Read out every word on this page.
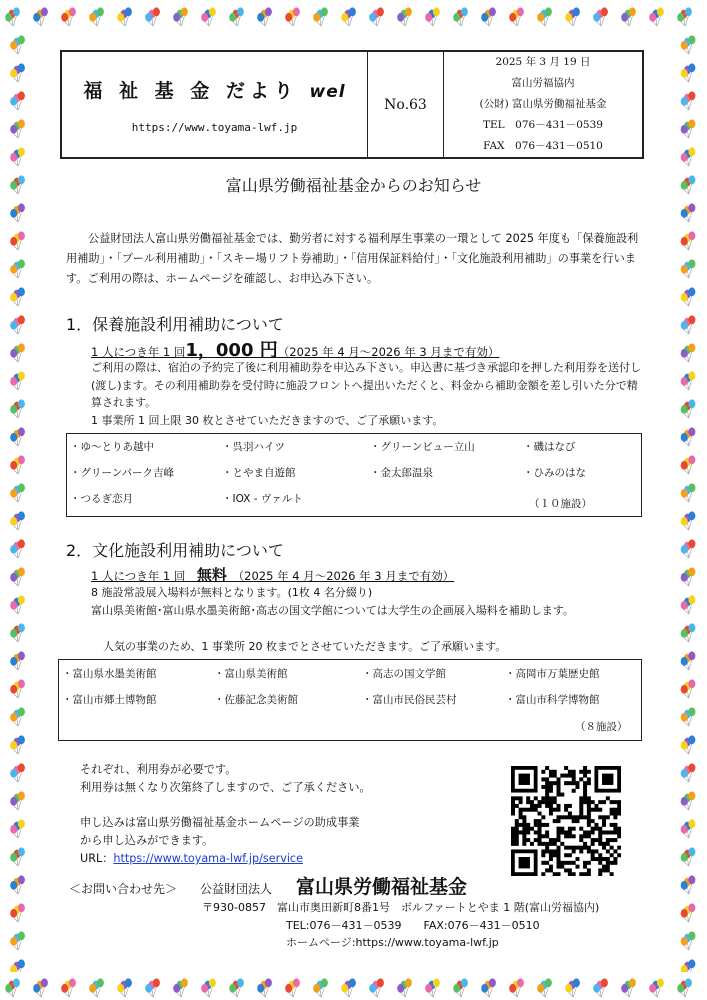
福 祉 基 金 だより wel
https://www.toyama-lwf.jp
No.63
2025 年 3 月 19 日
富山労福協内
(公財) 富山県労働福祉基金
TEL　076－431－0539
FAX　076－431－0510
富山県労働福祉基金からのお知らせ

公益財団法人富山県労働福祉基金では、勤労者に対する福利厚生事業の一環として 2025 年度も「保養施設利用補助」・「プール利用補助」・「スキー場リフト券補助」・「信用保証料給付」・「文化施設利用補助」の事業を行います。ご利用の際は、ホームページを確認し、お申込み下さい。

1．保養施設利用補助について
1 人につき年 1 回1，000 円（2025 年 4 月～2026 年 3 月まで有効）

ご利用の際は、宿泊の予約完了後に利用補助券を申込み下さい。申込書に基づき承認印を押した利用券を送付し(渡し)ます。その利用補助券を受付時に施設フロントへ提出いただくと、料金から補助金額を差し引いた分で精算されます。

1 事業所 1 回上限 30 枚とさせていただきますので、ご了承願います。

・ゆ～とりあ越中	・呉羽ハイツ	・グリーンビュー立山	・磯はなび
・グリーンパーク吉峰	・とやま自遊館	・金太郎温泉	・ひみのはな
・つるぎ恋月	・IOX - ヴァルト	（１０施設）
2．文化施設利用補助について
1 人につき年 1 回　 無料　 （2025 年 4 月～2026 年 3 月まで有効）

8 施設常設展入場料が無料となります。(1枚 4 名分綴り)

富山県美術館･富山県水墨美術館･高志の国文学館については大学生の企画展入場料を補助します。

人気の事業のため、1 事業所 20 枚までとさせていただきます。ご了承願います。

・富山県水墨美術館	・富山県美術館	・高志の国文学館	・高岡市万葉歴史館
・富山市郷土博物館	・佐藤記念美術館	・富山市民俗民芸村	・富山市科学博物館
（８施設）
それぞれ、利用券が必要です。
利用券は無くなり次第終了しますので、ご了承ください。
申し込みは富山県労働福祉基金ホームページの助成事業
から申し込みができます。
URL：https://www.toyama-lwf.jp/service
＜お問い合わせ先＞ 公益財団法人 富山県労働福祉基金
〒930-0857　富山市奥田新町8番1号　ボルファートとやま 1 階(富山労福協内)
TEL:076－431－0539　　 FAX:076－431－0510
ホームページ:https://www.toyama-lwf.jp
